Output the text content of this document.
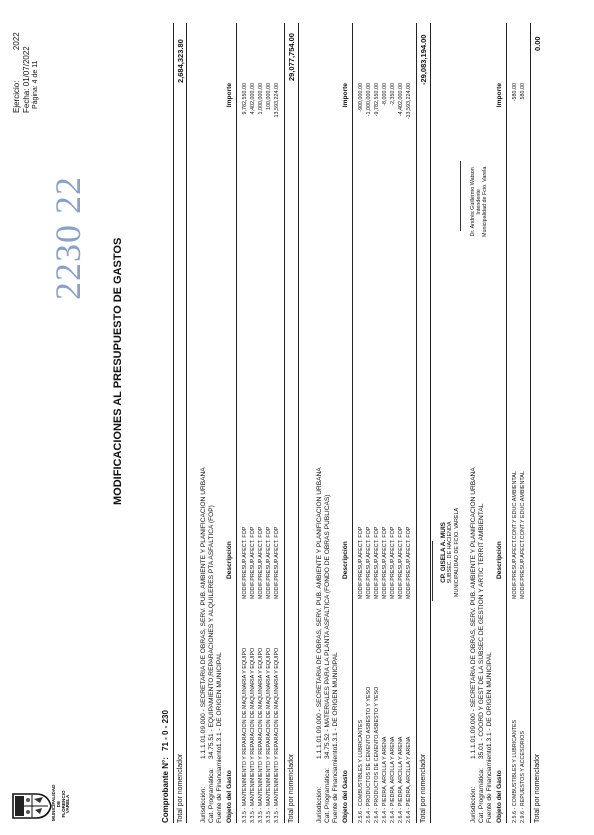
MUNICIPALIDAD DE FLORENCIO VARELA
MODIFICACIONES AL PRESUPUESTO DE GASTOS
2230 22
Ejercicio:  2022
Fecha: 01/07/2022 Página: 4 de 11
Comprobante N°:
71 - 0 - 230
Total por nomenclador
2,684,323.80
Jurisdicción:
1.1.1.01.09.000 - SECRETARIA DE OBRAS, SERV. PUB. AMBIENTE Y PLANIFICACION URBANA
Cat. Programática:
34.75.51 - EQUIPAMIENTO,REPARACIONES Y ALQUILERES PTA ASFALTICA (FOP)
Fuente de Financiamiento:
1.3.1 - DE ORIGEN MUNICIPAL
Objeto del Gasto
Descripción
Importe
3.3.5 - MANTENIMIENTO Y REPARACION DE MAQUINARIA Y EQUIPO
MODIF.PRESUP.AFECT. FOP
9,782,550.00
3.3.5 - MANTENIMIENTO Y REPARACION DE MAQUINARIA Y EQUIPO
MODIF.PRESUP.AFECT. FOP
4,402,000.00
3.3.5 - MANTENIMIENTO Y REPARACION DE MAQUINARIA Y EQUIPO
MODIF.PRESUP.AFECT. FOP
1,000,000.00
3.3.5 - MANTENIMIENTO Y REPARACION DE MAQUINARIA Y EQUIPO
MODIF.PRESUP.AFECT. FOP
100,000.00
3.3.5 - MANTENIMIENTO Y REPARACION DE MAQUINARIA Y EQUIPO
MODIF.PRESUP.AFECT. FOP
13,593,224.00
Total por nomenclador
29,077,754.00
Jurisdicción:
1.1.1.01.09.000 - SECRETARIA DE OBRAS, SERV. PUB. AMBIENTE Y PLANIFICACION URBANA
Cat. Programática:
34.75.52 - MATERIALES PARA LA PLANTA ASFALTICA (FONDO DE OBRAS PUBLICAS)
Fuente de Financiamiento:
1.3.1 - DE ORIGEN MUNICIPAL
Objeto del Gasto
Descripción
Importe
2.5.6 - COMBUSTIBLES Y LUBRICANTES
MODIF.PRESUP.AFECT. FOP
-900,000.00
2.6.4 - PRODUCTOS DE CEMENTO ASBESTO Y YESO
MODIF.PRESUP.AFECT. FOP
-1,000,000.00
2.6.4 - PRODUCTOS DE CEMENTO ASBESTO Y YESO
MODIF.PRESUP.AFECT. FOP
-9,782,550.00
2.6.4 - PIEDRA, ARCILLA Y ARENA
MODIF.PRESUP.AFECT. FOP
-8,000.00
2.6.4 - PIEDRA, ARCILLA Y ARENA
MODIF.PRESUP.AFECT. FOP
-2,350.00
2.6.4 - PIEDRA, ARCILLA Y ARENA
MODIF.PRESUP.AFECT. FOP
-4,402,000.00
2.6.4 - PIEDRA, ARCILLA Y ARENA
MODIF.PRESUP.AFECT. FOP
-13,593,224.00
Total por nomenclador
-29,083,194.00
Jurisdicción:
1.1.1.01.09.000 - SECRETARIA DE OBRAS, SERV. PUB. AMBIENTE Y PLANIFICACION URBANA
Cat. Programática:
35.01 - COORD Y GEST DE LA SUBSEC DE GESTION Y ARTIC TERRIT AMBIENTAL
Fuente de Financiamiento:
1.3.1 - DE ORIGEN MUNICIPAL
Objeto del Gasto
Descripción
Importe
2.5.6 - COMBUSTIBLES Y LUBRICANTES
MODIF.PRESUP.AFECT.CONT.Y EDUC.AMBIENTAL
-580.00
2.9.6 - REPUESTOS Y ACCESORIOS
MODIF.PRESUP.AFECT.CONT.Y EDUC.AMBIENTAL
580.00
Total por nomenclador
0.00
CP. GISELA A. MUIS SUBSEC. DE HACIENDA MUNICIPALIDAD DE FCIO. VARELA
Dr. Andrés Guillermo Watson Intendente Municipalidad de Fcio. Varela
